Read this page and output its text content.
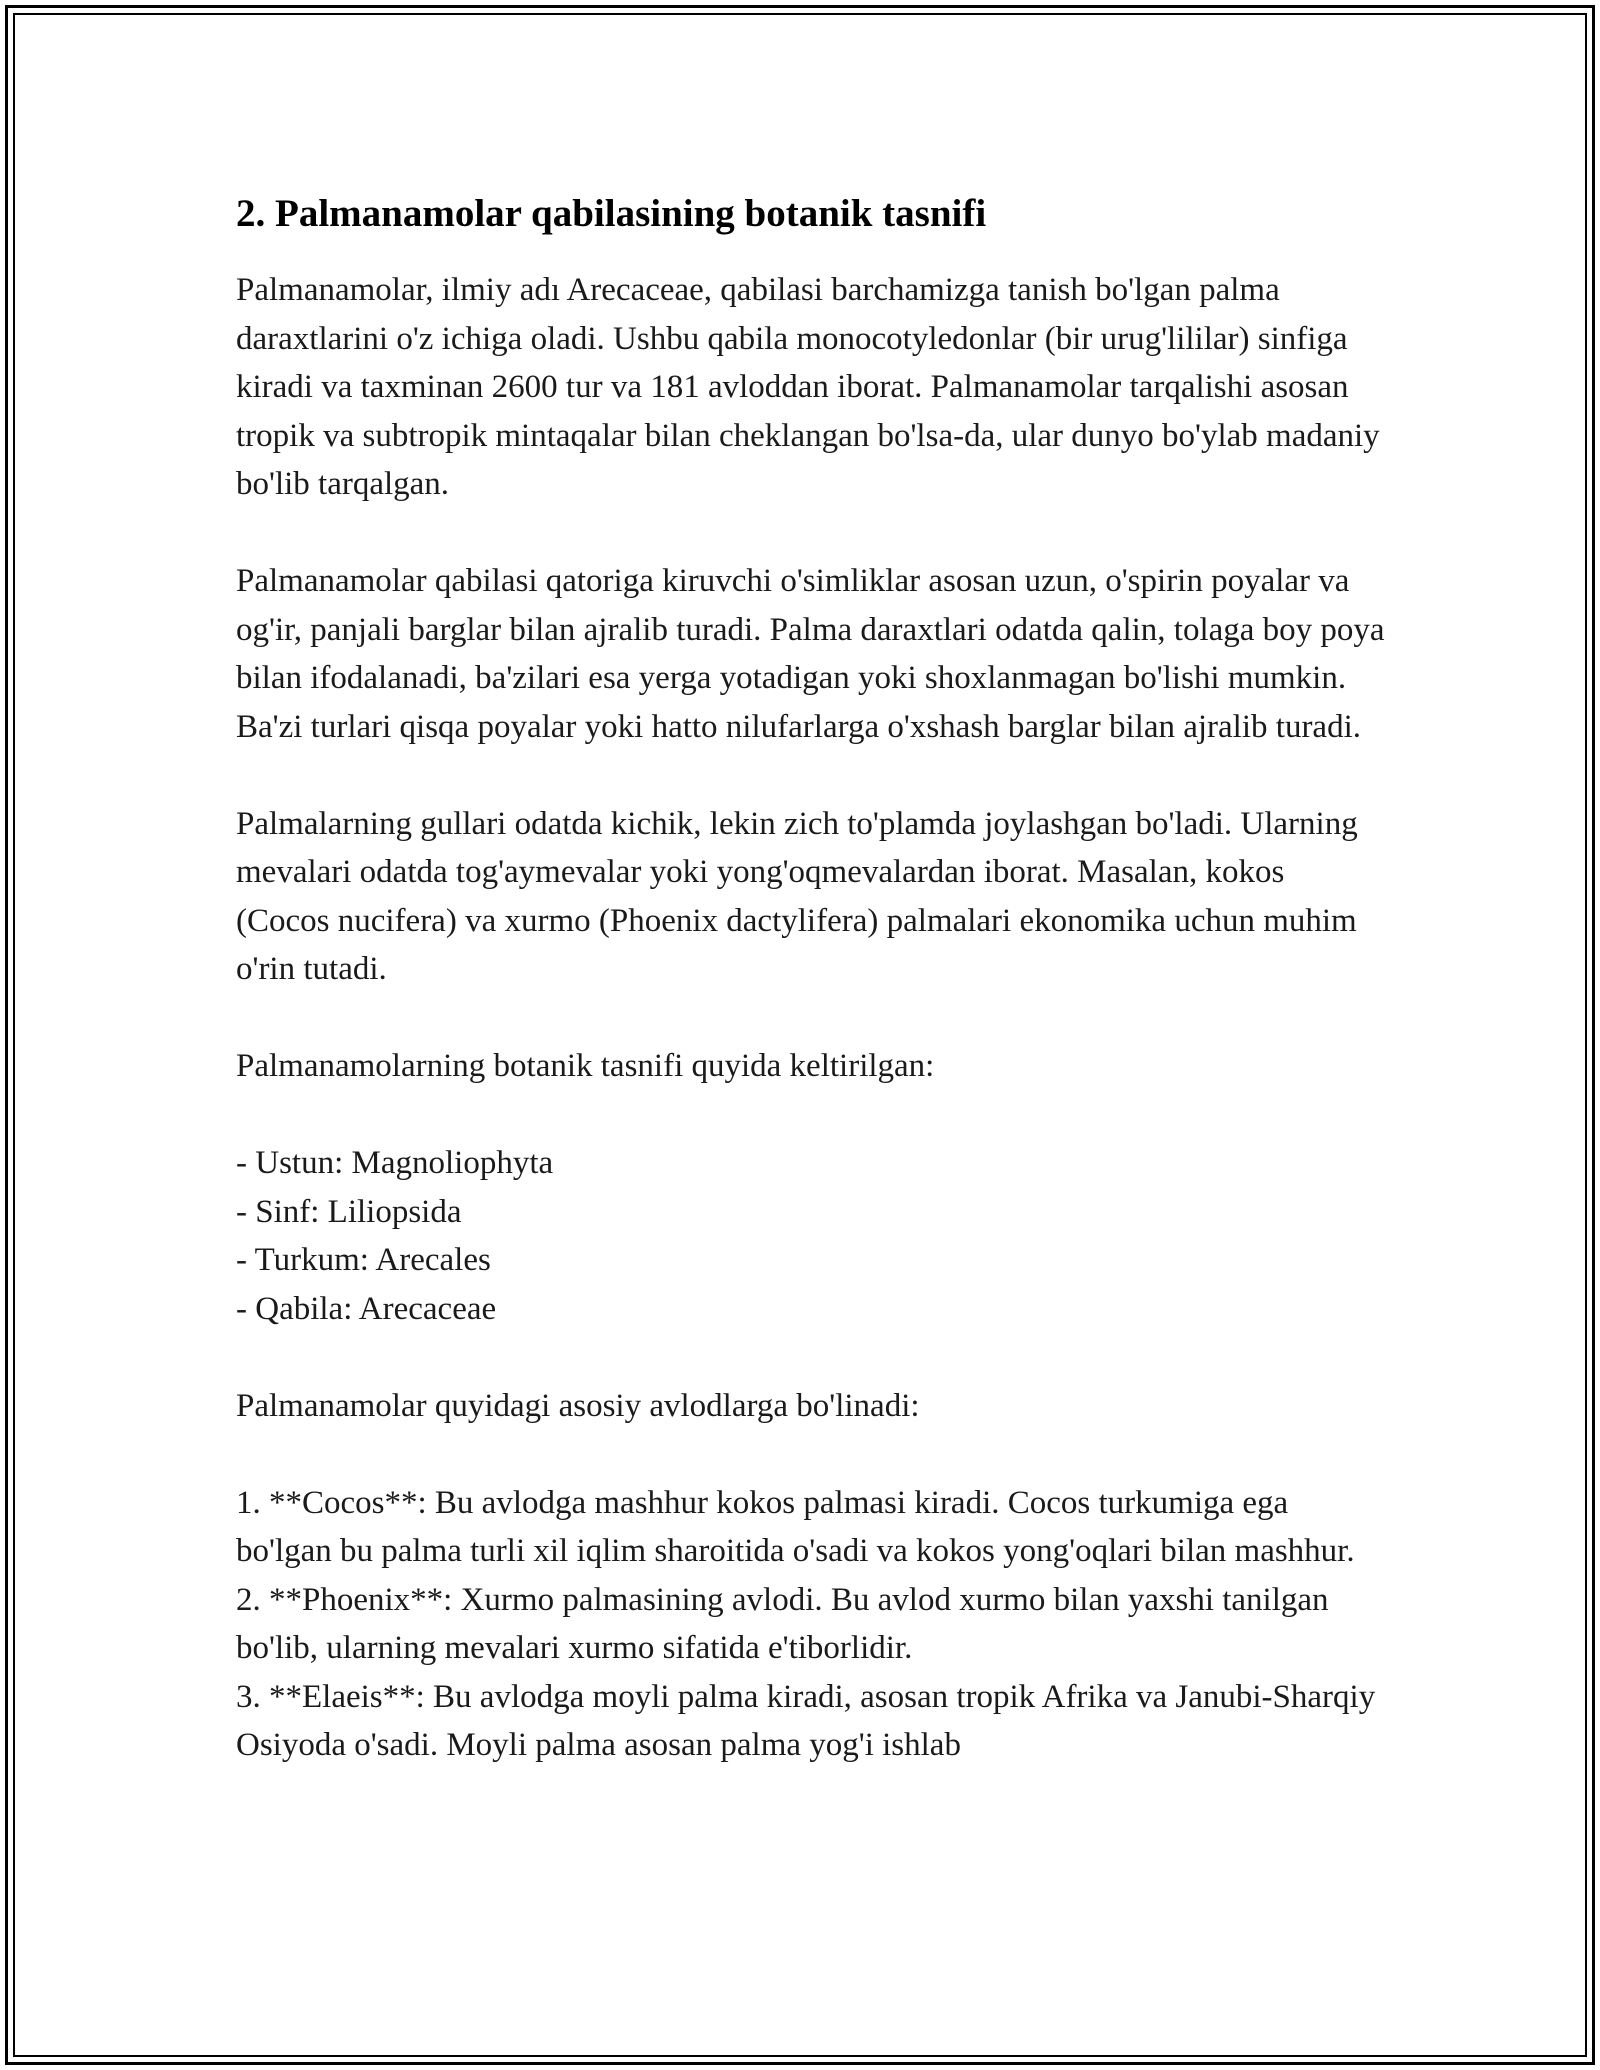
2. Palmanamolar qabilasining botanik tasnifi

Palmanamolar, ilmiy adı Arecaceae, qabilasi barchamizga tanish bo'lgan palma daraxtlarini o'z ichiga oladi. Ushbu qabila monocotyledonlar (bir urug'lililar) sinfiga kiradi va taxminan 2600 tur va 181 avloddan iborat. Palmanamolar tarqalishi asosan tropik va subtropik mintaqalar bilan cheklangan bo'lsa-da, ular dunyo bo'ylab madaniy bo'lib tarqalgan.

Palmanamolar qabilasi qatoriga kiruvchi o'simliklar asosan uzun, o'spirin poyalar va og'ir, panjali barglar bilan ajralib turadi. Palma daraxtlari odatda qalin, tolaga boy poya bilan ifodalanadi, ba'zilari esa yerga yotadigan yoki shoxlanmagan bo'lishi mumkin. Ba'zi turlari qisqa poyalar yoki hatto nilufarlarga o'xshash barglar bilan ajralib turadi.

Palmalarning gullari odatda kichik, lekin zich to'plamda joylashgan bo'ladi. Ularning mevalari odatda tog'aymevalar yoki yong'oqmevalardan iborat. Masalan, kokos (Cocos nucifera) va xurmo (Phoenix dactylifera) palmalari ekonomika uchun muhim o'rin tutadi.

Palmanamolarning botanik tasnifi quyida keltirilgan:

- Ustun: Magnoliophyta
- Sinf: Liliopsida
- Turkum: Arecales
- Qabila: Arecaceae

Palmanamolar quyidagi asosiy avlodlarga bo'linadi:

1. **Cocos**: Bu avlodga mashhur kokos palmasi kiradi. Cocos turkumiga ega bo'lgan bu palma turli xil iqlim sharoitida o'sadi va kokos yong'oqlari bilan mashhur.
2. **Phoenix**: Xurmo palmasining avlodi. Bu avlod xurmo bilan yaxshi tanilgan bo'lib, ularning mevalari xurmo sifatida e'tiborlidir.
3. **Elaeis**: Bu avlodga moyli palma kiradi, asosan tropik Afrika va Janubi-Sharqiy Osiyoda o'sadi. Moyli palma asosan palma yog'i ishlab
